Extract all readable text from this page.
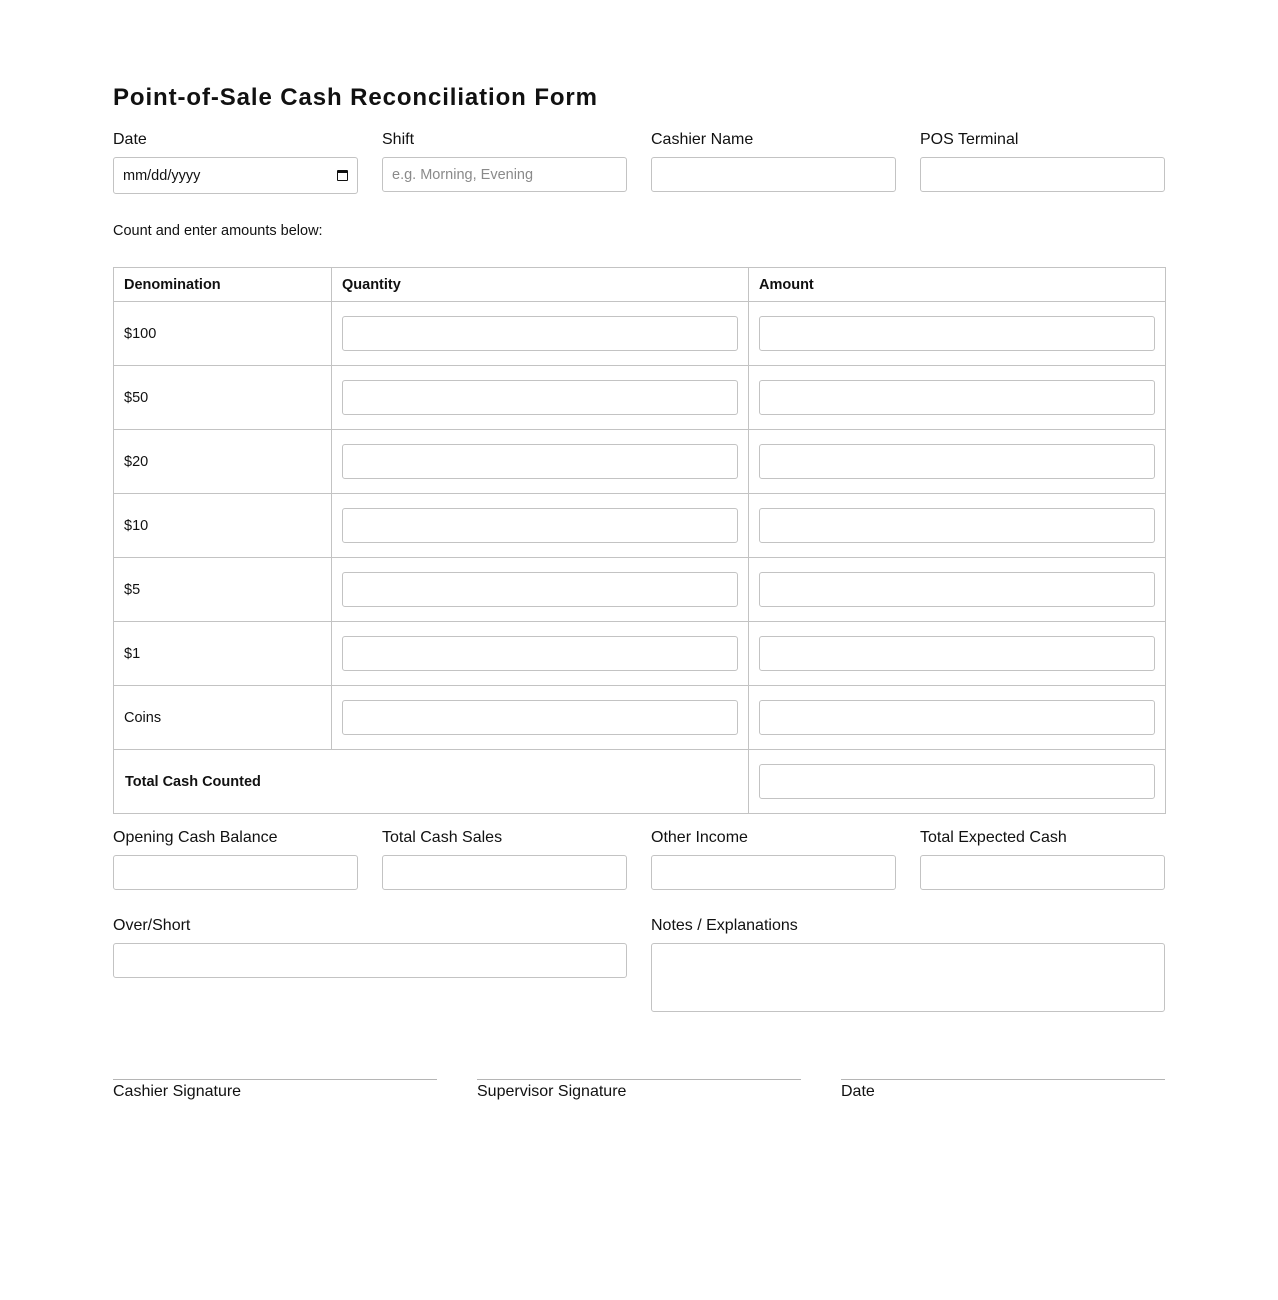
Point-of-Sale Cash Reconciliation Form
Date
mm/dd/yyyy
Shift
e.g. Morning, Evening
Cashier Name	POS Terminal
Count and enter amounts below:
Denomination	Quantity	Amount
$100	

$50	

$20	

$10	

$5	

$1	

Coins	

Total Cash Counted		
Opening Cash Balance	Total Cash Sales	Other Income	Total Expected Cash
Over/Short	Notes / Explanations
Cashier Signature	Supervisor Signature	Date
